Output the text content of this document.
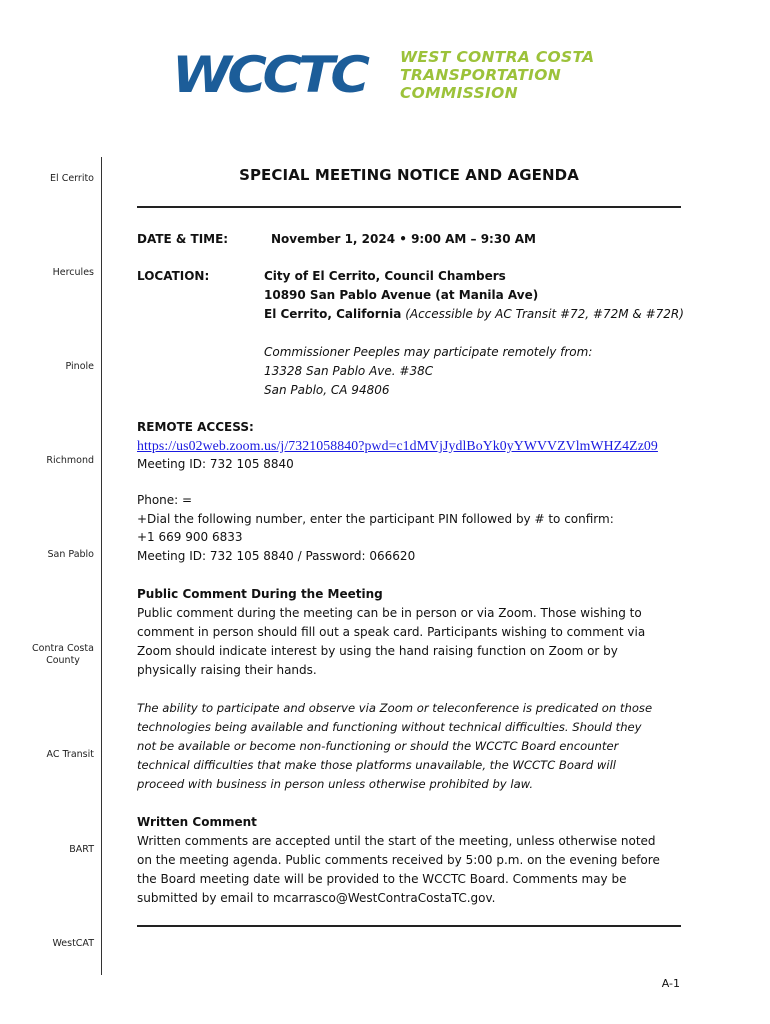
WCCTC WEST CONTRA COSTA
TRANSPORTATION
COMMISSION
El Cerrito
Hercules
Pinole
Richmond
San Pablo
Contra Costa County
AC Transit
BART
WestCAT
SPECIAL MEETING NOTICE AND AGENDA
DATE & TIME:	November 1, 2024 • 9:00 AM – 9:30 AM
LOCATION:	City of El Cerrito, Council Chambers
10890 San Pablo Avenue (at Manila Ave)
El Cerrito, California (Accessible by AC Transit #72, #72M & #72R)
Commissioner Peeples may participate remotely from:
13328 San Pablo Ave. #38C
San Pablo, CA 94806
REMOTE ACCESS:
https://us02web.zoom.us/j/7321058840?pwd=c1dMVjJydlBoYk0yYWVVZVlmWHZ4Zz09
Meeting ID: 732 105 8840
Phone: =
+Dial the following number, enter the participant PIN followed by # to confirm:
+1 669 900 6833
Meeting ID: 732 105 8840 / Password: 066620
Public Comment During the Meeting
Public comment during the meeting can be in person or via Zoom. Those wishing to
comment in person should fill out a speak card. Participants wishing to comment via
Zoom should indicate interest by using the hand raising function on Zoom or by
physically raising their hands.
The ability to participate and observe via Zoom or teleconference is predicated on those
technologies being available and functioning without technical difficulties. Should they
not be available or become non-functioning or should the WCCTC Board encounter
technical difficulties that make those platforms unavailable, the WCCTC Board will
proceed with business in person unless otherwise prohibited by law.
Written Comment
Written comments are accepted until the start of the meeting, unless otherwise noted
on the meeting agenda. Public comments received by 5:00 p.m. on the evening before
the Board meeting date will be provided to the WCCTC Board. Comments may be
submitted by email to mcarrasco@WestContraCostaTC.gov.
A-1
